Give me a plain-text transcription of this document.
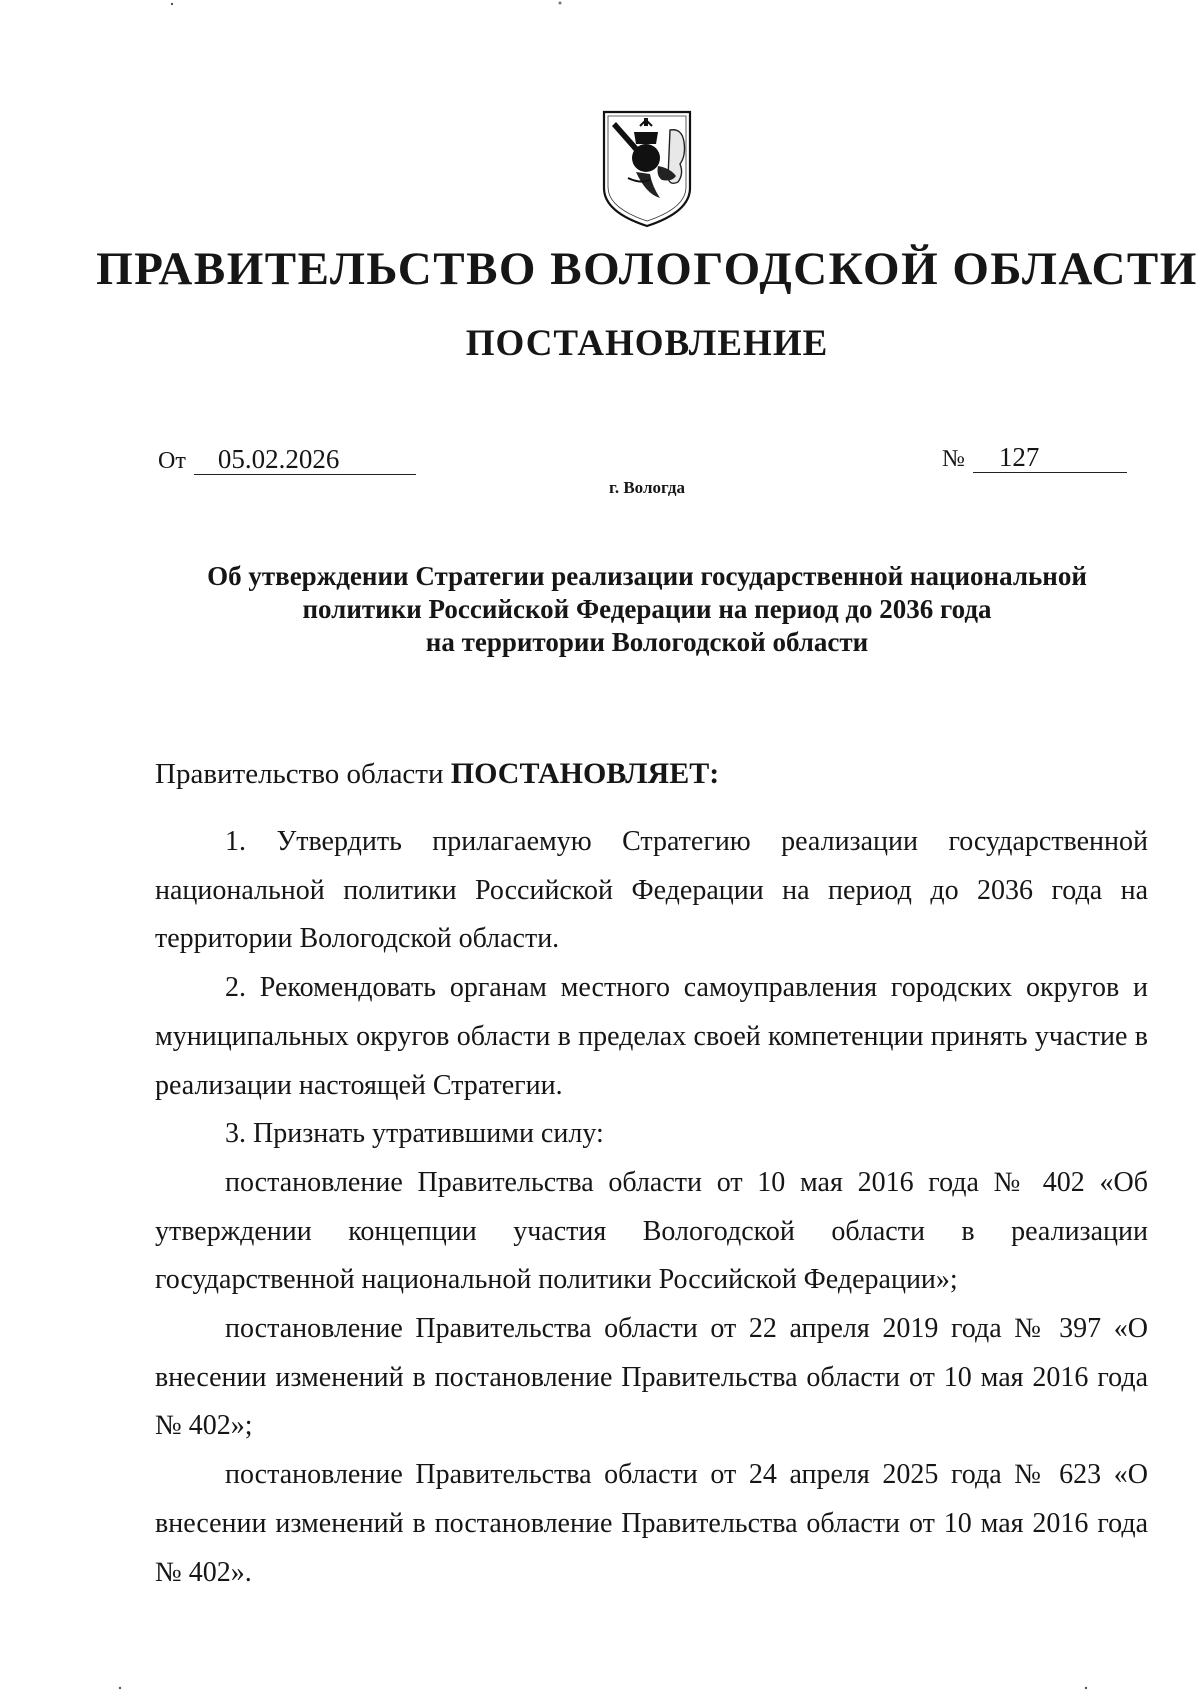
ПРАВИТЕЛЬСТВО ВОЛОГОДСКОЙ ОБЛАСТИ
ПОСТАНОВЛЕНИЕ
От 05.02.2026	№ 127
г. Вологда
Об утверждении Стратегии реализации государственной национальной
политики Российской Федерации на период до 2036 года
на территории Вологодской области
Правительство области ПОСТАНОВЛЯЕТ:

1. Утвердить прилагаемую Стратегию реализации государственной национальной политики Российской Федерации на период до 2036 года на территории Вологодской области.

2. Рекомендовать органам местного самоуправления городских округов и муниципальных округов области в пределах своей компетенции принять участие в реализации настоящей Стратегии.

3. Признать утратившими силу:

постановление Правительства области от 10 мая 2016 года № 402 «Об утверждении концепции участия Вологодской области в реализации государственной национальной политики Российской Федерации»;

постановление Правительства области от 22 апреля 2019 года № 397 «О внесении изменений в постановление Правительства области от 10 мая 2016 года № 402»;

постановление Правительства области от 24 апреля 2025 года № 623 «О внесении изменений в постановление Правительства области от 10 мая 2016 года № 402».
